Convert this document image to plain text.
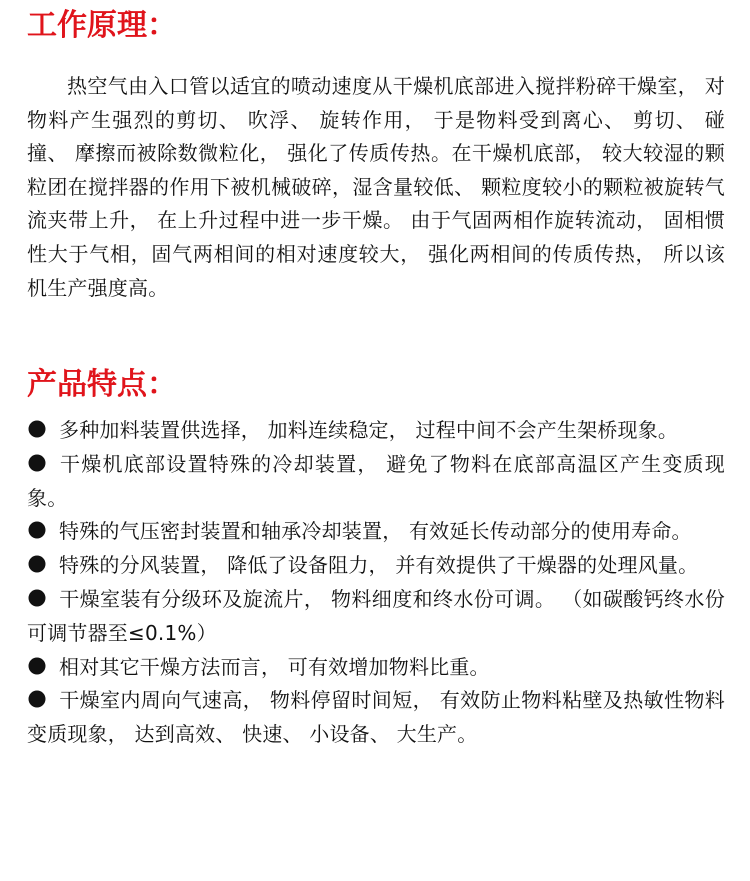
工作原理：

热空气由入口管以适宜的喷动速度从干燥机底部进入搅拌粉碎干燥室， 对物料产生强烈的剪切、 吹浮、 旋转作用， 于是物料受到离心、 剪切、 碰撞、 摩擦而被除数微粒化， 强化了传质传热。在干燥机底部， 较大较湿的颗粒团在搅拌器的作用下被机械破碎，湿含量较低、 颗粒度较小的颗粒被旋转气流夹带上升， 在上升过程中进一步干燥。 由于气固两相作旋转流动， 固相惯性大于气相，固气两相间的相对速度较大， 强化两相间的传质传热， 所以该机生产强度高。

产品特点：
多种加料装置供选择， 加料连续稳定， 过程中间不会产生架桥现象。
干燥机底部设置特殊的冷却装置， 避免了物料在底部高温区产生变质现象。
特殊的气压密封装置和轴承冷却装置， 有效延长传动部分的使用寿命。
特殊的分风装置， 降低了设备阻力， 并有效提供了干燥器的处理风量。
干燥室装有分级环及旋流片， 物料细度和终水份可调。 （如碳酸钙终水份可调节器至≤0.1%）
相对其它干燥方法而言， 可有效增加物料比重。
干燥室内周向气速高， 物料停留时间短， 有效防止物料粘壁及热敏性物料变质现象， 达到高效、 快速、 小设备、 大生产。
